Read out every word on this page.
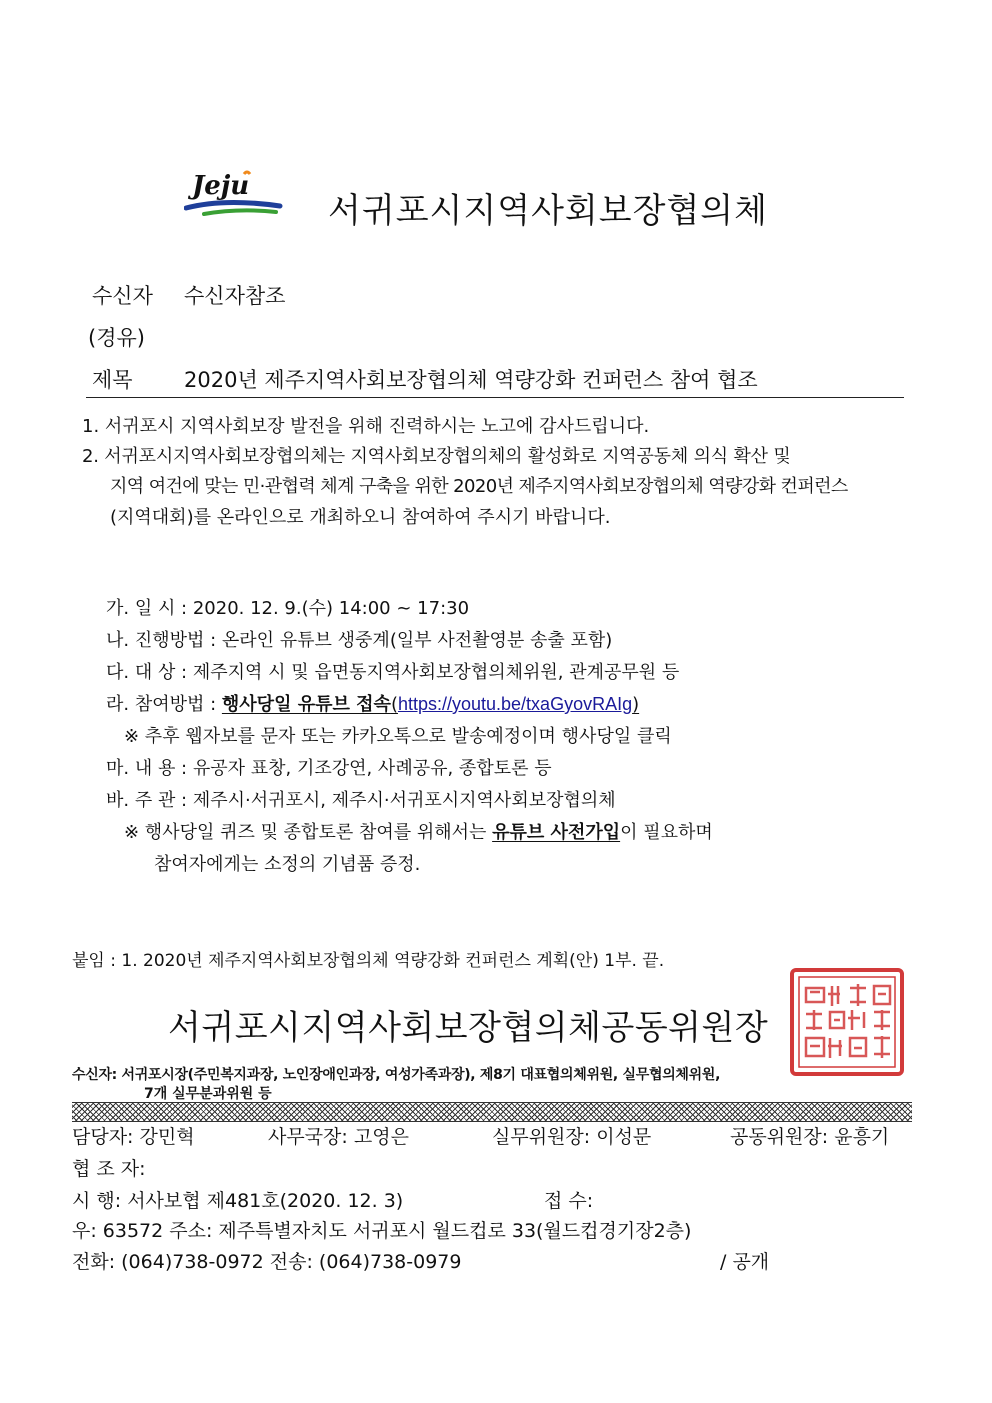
Jeju
서귀포시지역사회보장협의체
수신자 수신자참조
(경유)
제목 2020년 제주지역사회보장협의체 역량강화 컨퍼런스 참여 협조
1. 서귀포시 지역사회보장 발전을 위해 진력하시는 노고에 감사드립니다.
2. 서귀포시지역사회보장협의체는 지역사회보장협의체의 활성화로 지역공동체 의식 확산 및
지역 여건에 맞는 민·관협력 체계 구축을 위한 2020년 제주지역사회보장협의체 역량강화 컨퍼런스
(지역대회)를 온라인으로 개최하오니 참여하여 주시기 바랍니다.
가. 일 시 : 2020. 12. 9.(수) 14:00 ~ 17:30
나. 진행방법 : 온라인 유튜브 생중계(일부 사전촬영분 송출 포함)
다. 대 상 : 제주지역 시 및 읍면동지역사회보장협의체위원, 관계공무원 등
라. 참여방법 : 행사당일 유튜브 접속(https://youtu.be/txaGyovRAIg)
※ 추후 웹자보를 문자 또는 카카오톡으로 발송예정이며 행사당일 클릭
마. 내 용 : 유공자 표창, 기조강연, 사례공유, 종합토론 등
바. 주 관 : 제주시·서귀포시, 제주시·서귀포시지역사회보장협의체
※ 행사당일 퀴즈 및 종합토론 참여를 위해서는 유튜브 사전가입이 필요하며
참여자에게는 소정의 기념품 증정.
붙임 : 1. 2020년 제주지역사회보장협의체 역량강화 컨퍼런스 계획(안) 1부. 끝.
서귀포시지역사회보장협의체공동위원장
수신자: 서귀포시장(주민복지과장, 노인장애인과장, 여성가족과장), 제8기 대표협의체위원, 실무협의체위원,
7개 실무분과위원 등
담당자: 강민혁	사무국장: 고영은	실무위원장: 이성문	공동위원장: 윤흥기
협 조 자:
시 행: 서사보협 제481호(2020. 12. 3)	접 수:
우: 63572 주소: 제주특별자치도 서귀포시 월드컵로 33(월드컵경기장2층)
전화: (064)738-0972 전송: (064)738-0979	/ 공개
